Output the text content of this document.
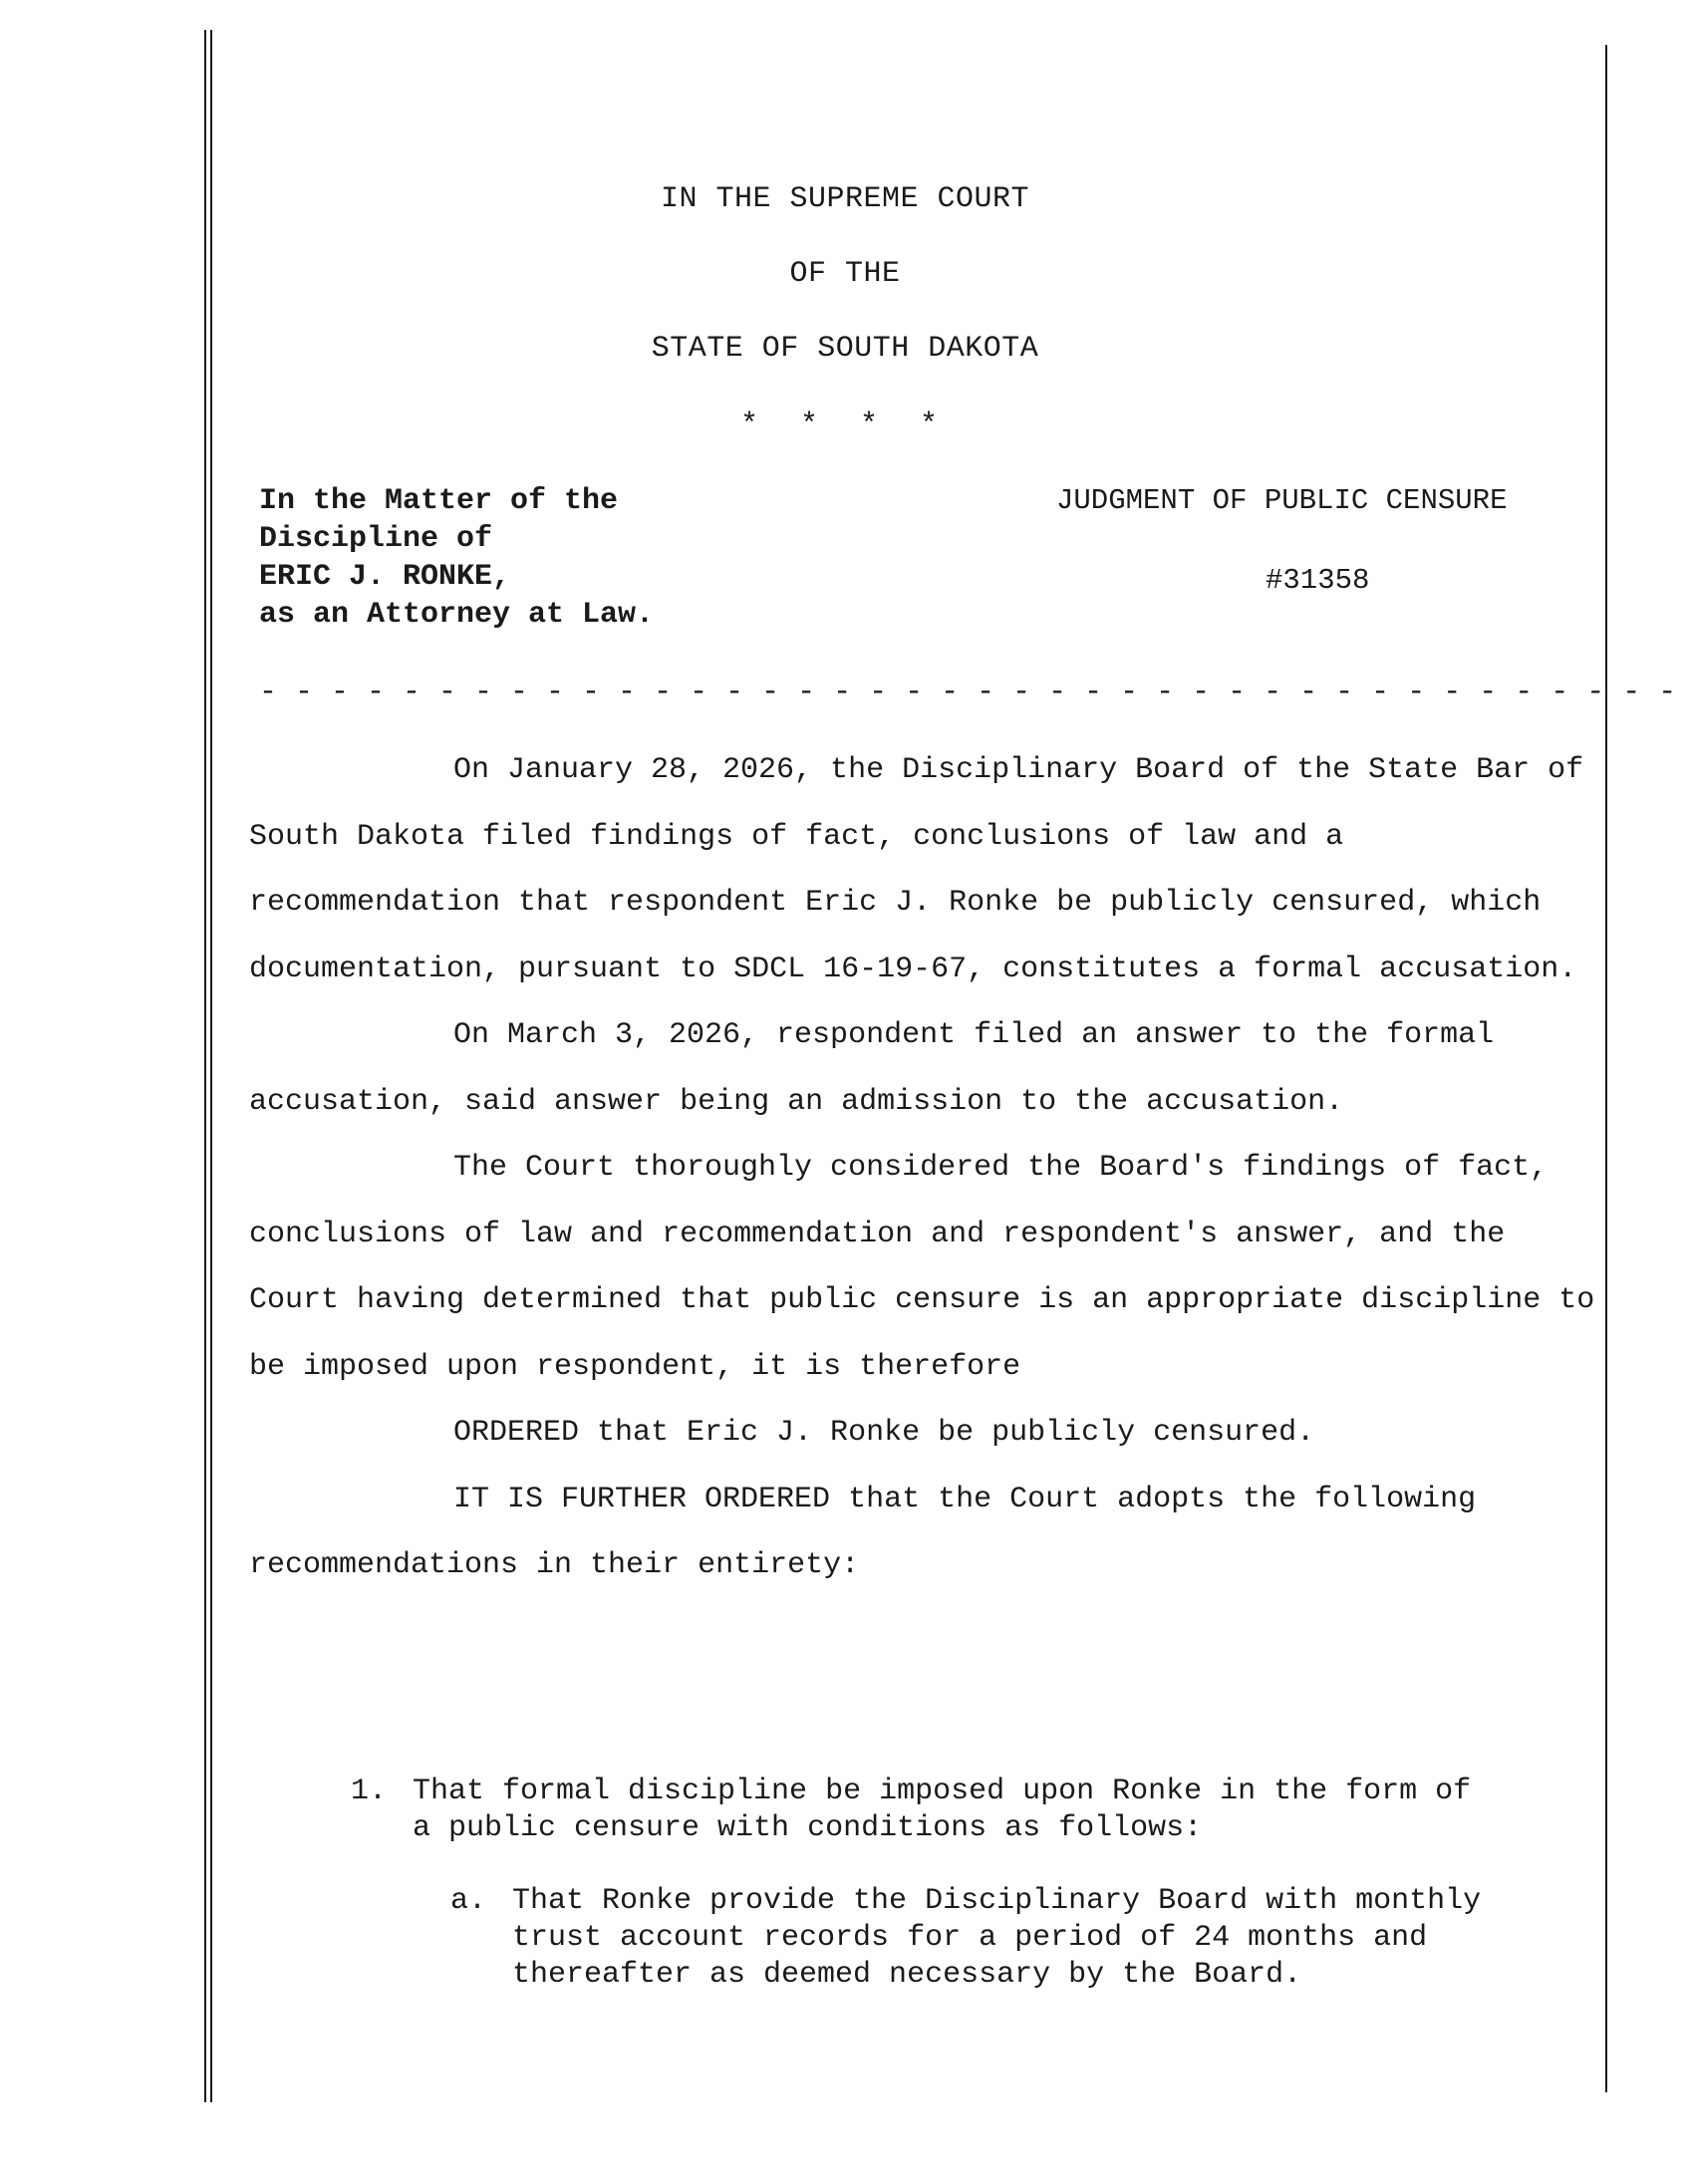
IN THE SUPREME COURT
OF THE
STATE OF SOUTH DAKOTA
* * * *
In the Matter of the
Discipline of
ERIC J. RONKE,
as an Attorney at Law.
JUDGMENT OF PUBLIC CENSURE
#31358
- - - - - - - - - - - - - - - - - - - - - - - - - - - - - - - - - - - - - - - -

On January 28, 2026, the Disciplinary Board of the State Bar of South Dakota filed findings of fact, conclusions of law and a recommendation that respondent Eric J. Ronke be publicly censured, which documentation, pursuant to SDCL 16-19-67, constitutes a formal accusation.

On March 3, 2026, respondent filed an answer to the formal accusation, said answer being an admission to the accusation.

The Court thoroughly considered the Board's findings of fact, conclusions of law and recommendation and respondent's answer, and the Court having determined that public censure is an appropriate discipline to be imposed upon respondent, it is therefore

ORDERED that Eric J. Ronke be publicly censured.

IT IS FURTHER ORDERED that the Court adopts the following recommendations in their entirety:

1. That formal discipline be imposed upon Ronke in the form of a public censure with conditions as follows:
a. That Ronke provide the Disciplinary Board with monthly trust account records for a period of 24 months and thereafter as deemed necessary by the Board.
